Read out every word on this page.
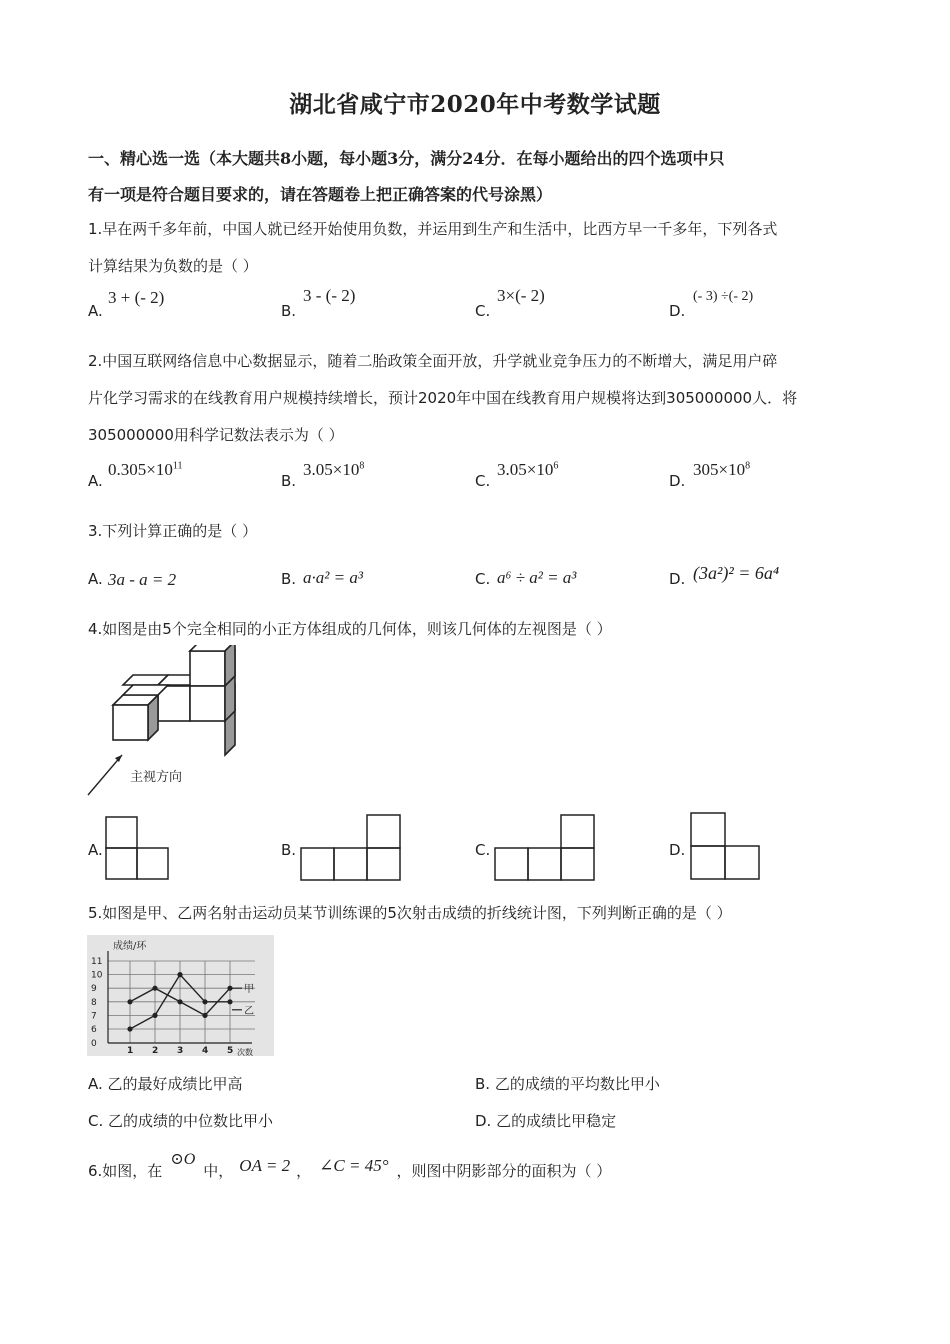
湖北省咸宁市2020年中考数学试题
一、精心选一选（本大题共8小题，每小题3分，满分24分．在每小题给出的四个选项中只
有一项是符合题目要求的，请在答题卷上把正确答案的代号涂黑）
1.早在两千多年前，中国人就已经开始使用负数，并运用到生产和生活中，比西方早一千多年，下列各式
计算结果为负数的是（ ）
A.
3 + (- 2)
B.
3 - (- 2)
C.
3×(- 2)
D.
(- 3) ÷(- 2)
2.中国互联网络信息中心数据显示，随着二胎政策全面开放，升学就业竞争压力的不断增大，满足用户碎
片化学习需求的在线教育用户规模持续增长，预计2020年中国在线教育用户规模将达到305000000人．将
305000000用科学记数法表示为（ ）
A.
$0.305\times 10^{11}$
B.
$3.05\times 10^8$
C.
$3.05\times 10^6$
D.
$305\times 10^8$
3.下列计算正确的是（ ）
A. 3a - a = 2	B. a·a² = a³	C. a⁶ ÷ a² = a³	D. (3a²)² = 6a⁴
4.如图是由5个完全相同的小正方体组成的几何体，则该几何体的左视图是（ ）
主视方向
A.	B.	C.	D.
5.如图是甲、乙两名射击运动员某节训练课的5次射击成绩的折线统计图，下列判断正确的是（ ）
11
10
9
8
7
6
0
1 2 3 4 5
甲
乙
成绩/环
次数
A. 乙的最好成绩比甲高	B. 乙的成绩的平均数比甲小
C. 乙的成绩的中位数比甲小	D. 乙的成绩比甲稳定
6.如图，在⊙O中， OA = 2 ， ∠C = 45° ，则图中阴影部分的面积为（ ）
